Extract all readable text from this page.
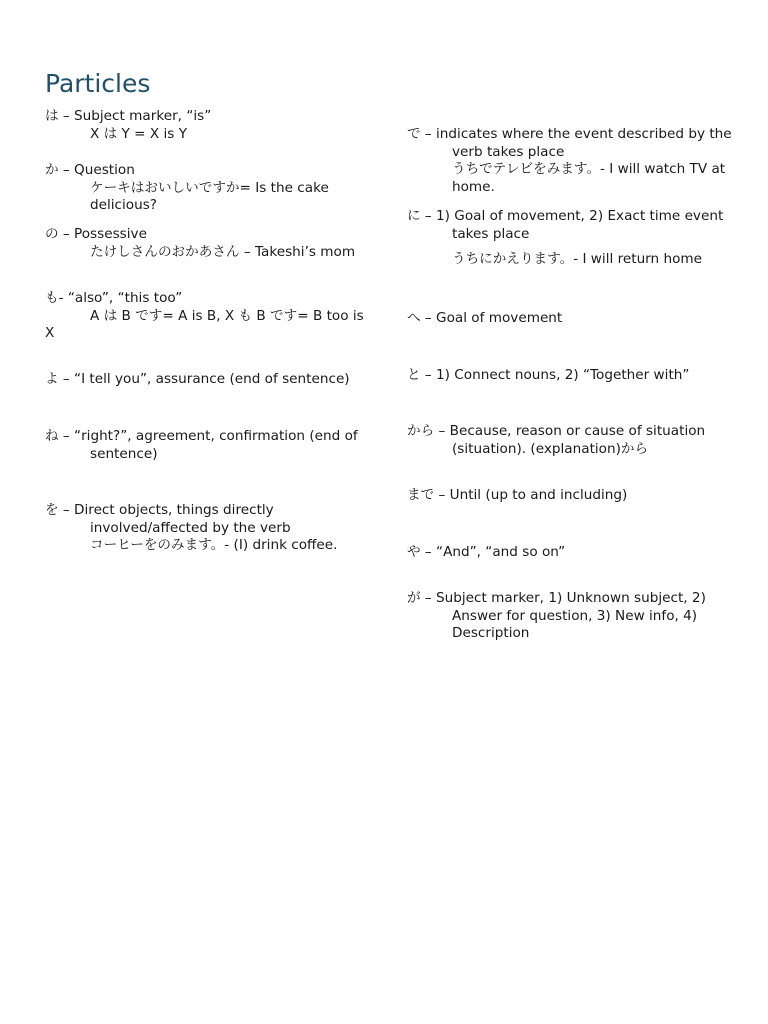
Particles
は – Subject marker, “is”
X は Y = X is Y
か – Question
ケーキはおいしいですか= Is the cake delicious?
の – Possessive
たけしさんのおかあさん – Takeshi’s mom
も- “also”, “this too”
A は B です= A is B, X も B です= B too is X
よ – “I tell you”, assurance (end of sentence)
ね – “right?”, agreement, confirmation (end of sentence)
を – Direct objects, things directly involved/affected by the verb
コーヒーをのみます。- (I) drink coffee.
で – indicates where the event described by the verb takes place
うちでテレビをみます。- I will watch TV at home.
に – 1) Goal of movement, 2) Exact time event takes place
うちにかえります。- I will return home
へ – Goal of movement
と – 1) Connect nouns, 2) “Together with”
から – Because, reason or cause of situation (situation). (explanation)から
まで – Until (up to and including)
や – “And”, “and so on”
が – Subject marker, 1) Unknown subject, 2) Answer for question, 3) New info, 4) Description
